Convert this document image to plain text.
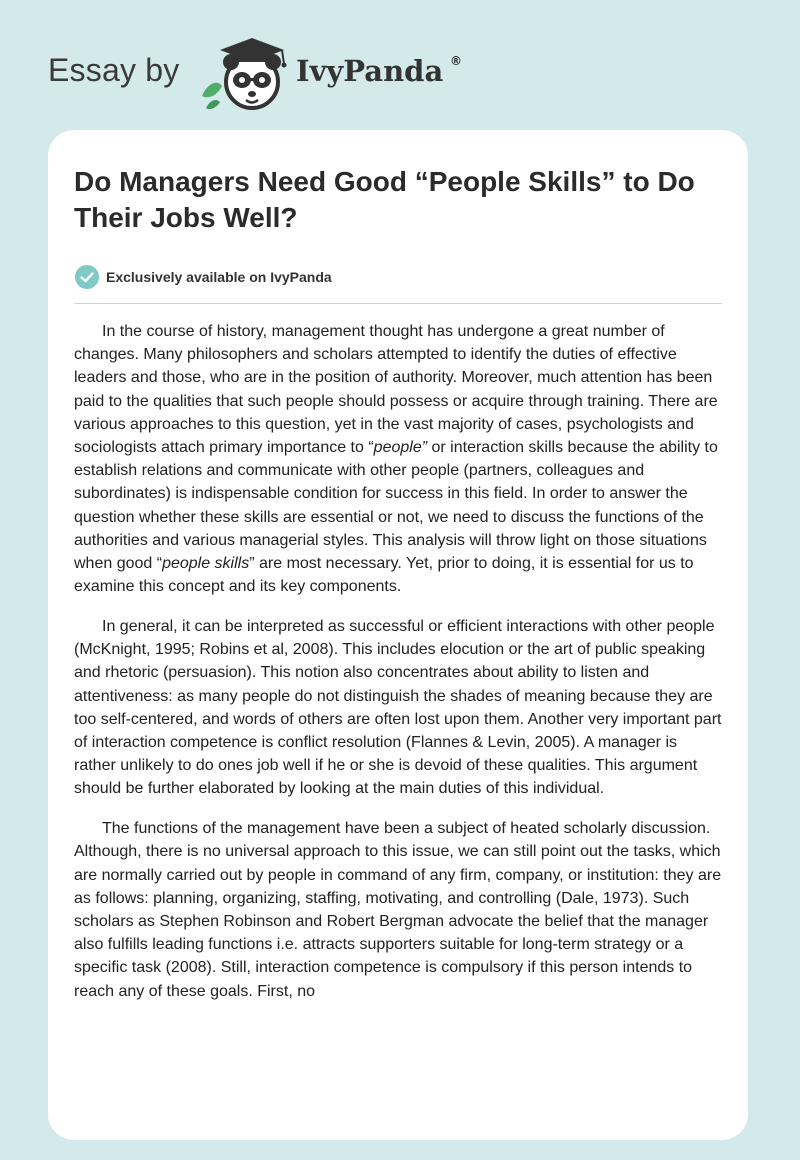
Essay by	IvyPanda ®
Do Managers Need Good “People Skills” to Do Their Jobs Well?
Exclusively available on IvyPanda

In the course of history, management thought has undergone a great number of changes. Many philosophers and scholars attempted to identify the duties of effective leaders and those, who are in the position of authority. Moreover, much attention has been paid to the qualities that such people should possess or acquire through training. There are various approaches to this question, yet in the vast majority of cases, psychologists and sociologists attach primary importance to “people” or interaction skills because the ability to establish relations and communicate with other people (partners, colleagues and subordinates) is indispensable condition for success in this field. In order to answer the question whether these skills are essential or not, we need to discuss the functions of the authorities and various managerial styles. This analysis will throw light on those situations when good “people skills” are most necessary. Yet, prior to doing, it is essential for us to examine this concept and its key components.

In general, it can be interpreted as successful or efficient interactions with other people (McKnight, 1995; Robins et al, 2008). This includes elocution or the art of public speaking and rhetoric (persuasion). This notion also concentrates about ability to listen and attentiveness: as many people do not distinguish the shades of meaning because they are too self-centered, and words of others are often lost upon them. Another very important part of interaction competence is conflict resolution (Flannes & Levin, 2005). A manager is rather unlikely to do ones job well if he or she is devoid of these qualities. This argument should be further elaborated by looking at the main duties of this individual.

The functions of the management have been a subject of heated scholarly discussion. Although, there is no universal approach to this issue, we can still point out the tasks, which are normally carried out by people in command of any firm, company, or institution: they are as follows: planning, organizing, staffing, motivating, and controlling (Dale, 1973). Such scholars as Stephen Robinson and Robert Bergman advocate the belief that the manager also fulfills leading functions i.e. attracts supporters suitable for long-term strategy or a specific task (2008). Still, interaction competence is compulsory if this person intends to reach any of these goals. First, no
